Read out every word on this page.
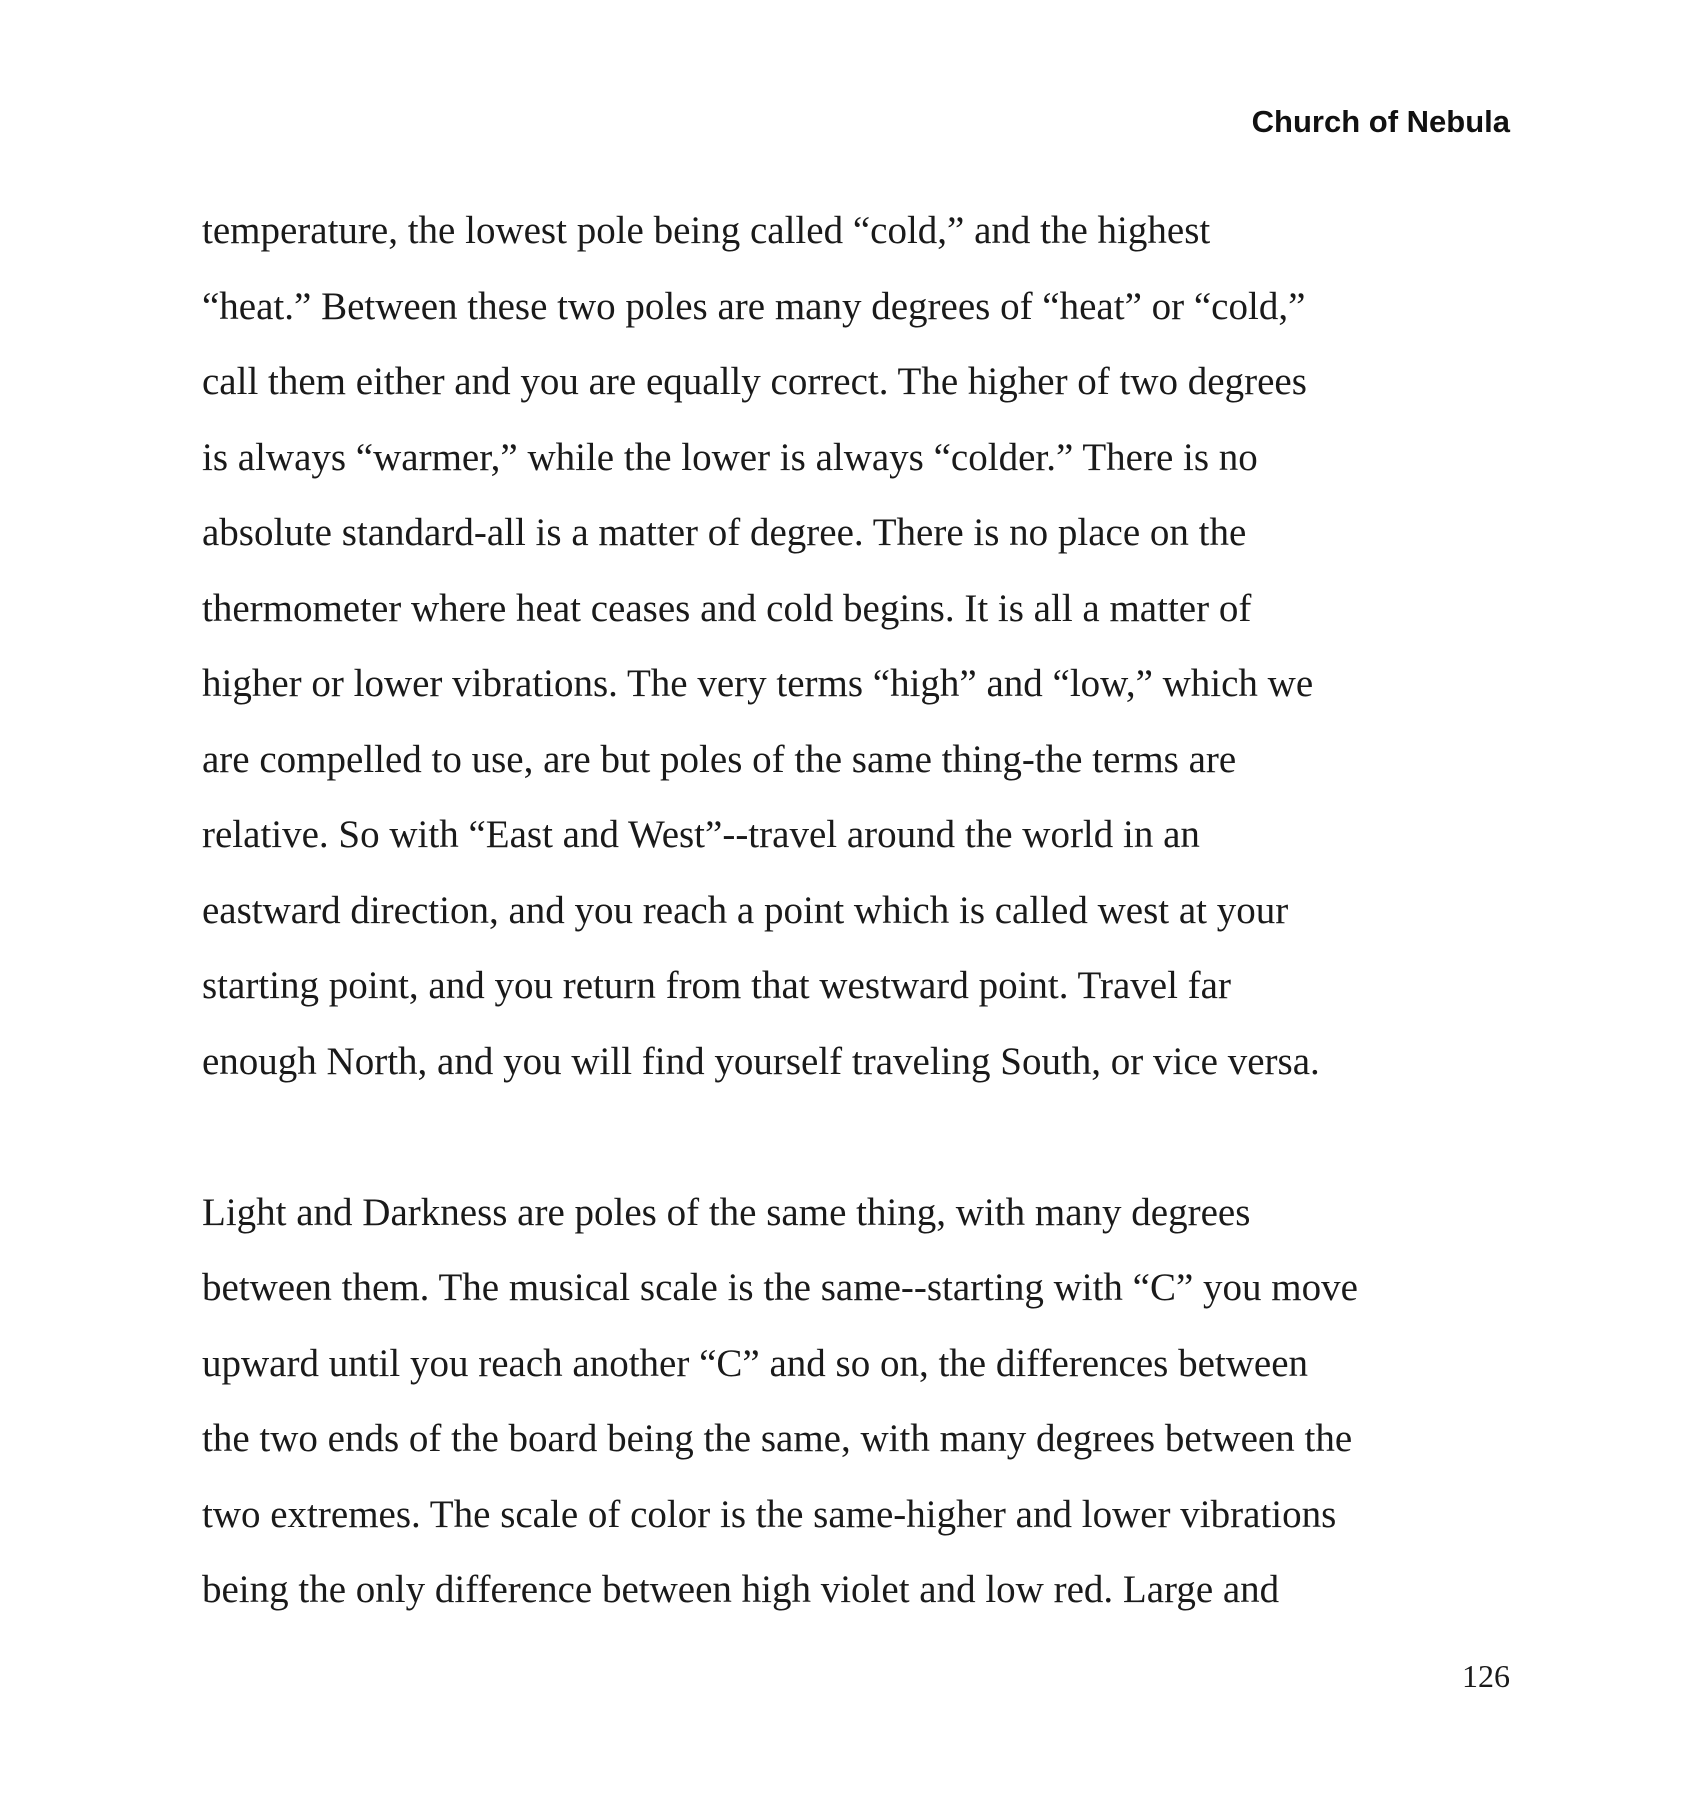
Church of Nebula
temperature, the lowest pole being called “cold,” and the highest
“heat.” Between these two poles are many degrees of “heat” or “cold,”
call them either and you are equally correct. The higher of two degrees
is always “warmer,” while the lower is always “colder.” There is no
absolute standard-all is a matter of degree. There is no place on the
thermometer where heat ceases and cold begins. It is all a matter of
higher or lower vibrations. The very terms “high” and “low,” which we
are compelled to use, are but poles of the same thing-the terms are
relative. So with “East and West”--travel around the world in an
eastward direction, and you reach a point which is called west at your
starting point, and you return from that westward point. Travel far
enough North, and you will find yourself traveling South, or vice versa.
Light and Darkness are poles of the same thing, with many degrees
between them. The musical scale is the same--starting with “C” you move
upward until you reach another “C” and so on, the differences between
the two ends of the board being the same, with many degrees between the
two extremes. The scale of color is the same-higher and lower vibrations
being the only difference between high violet and low red. Large and
126
